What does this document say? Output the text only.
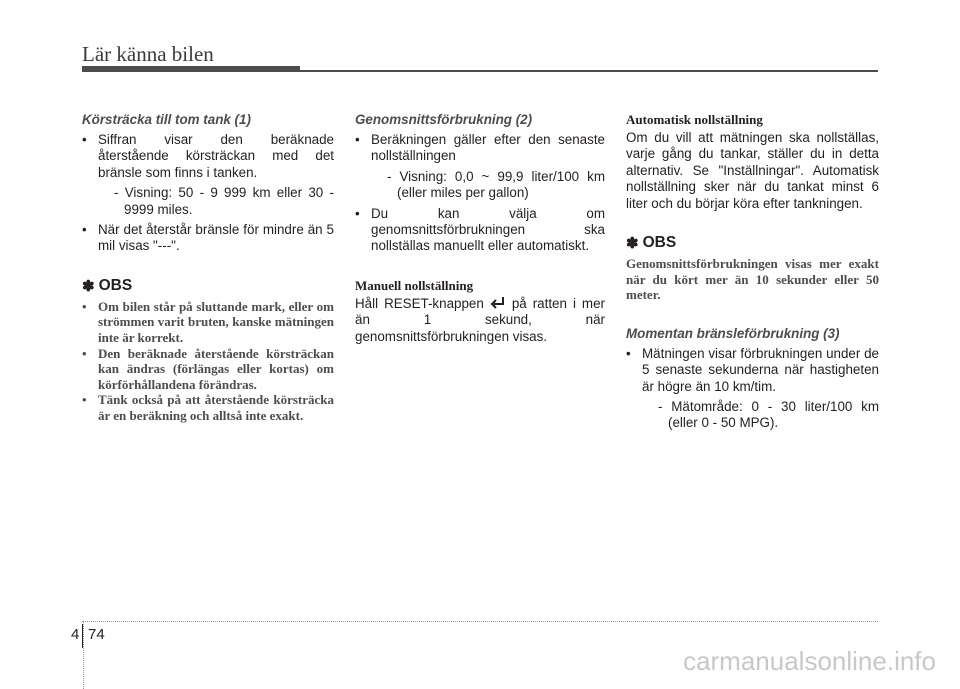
Lär känna bilen
Körsträcka till tom tank (1)
• Siffran visar den beräknade återstående körsträckan med det bränsle som finns i tanken.
- Visning: 50 - 9 999 km eller 30 - 9999 miles.
• När det återstår bränsle för mindre än 5 mil visas "---".
✽ OBS
• Om bilen står på sluttande mark, eller om strömmen varit bruten, kanske mätningen inte är korrekt.
• Den beräknade återstående körsträckan kan ändras (förlängas eller kortas) om körförhållandena förändras.
• Tänk också på att återstående körsträcka är en beräkning och alltså inte exakt.
Genomsnittsförbrukning (2)
• Beräkningen gäller efter den senaste nollställningen
- Visning: 0,0 ~ 99,9 liter/100 km (eller miles per gallon)
• Du kan välja om genomsnittsförbrukningen ska nollställas manuellt eller automatiskt.
Manuell nollställning

Håll RESET-knappen på ratten i mer än 1 sekund, när genomsnittsförbrukningen visas.

Automatisk nollställning

Om du vill att mätningen ska nollställas, varje gång du tankar, ställer du in detta alternativ. Se "Inställningar". Automatisk nollställning sker när du tankat minst 6 liter och du börjar köra efter tankningen.

✽ OBS

Genomsnittsförbrukningen visas mer exakt när du kört mer än 10 sekunder eller 50 meter.

Momentan bränsleförbrukning (3)
• Mätningen visar förbrukningen under de 5 senaste sekunderna när hastigheten är högre än 10 km/tim.
- Mätområde: 0 - 30 liter/100 km (eller 0 - 50 MPG).
4 74
carmanualsonline.info
